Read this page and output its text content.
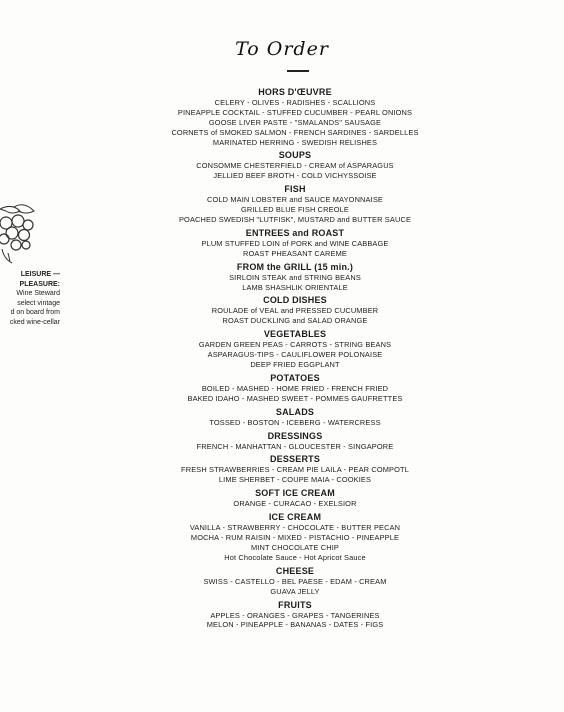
To Order
LEISURE —
PLEASURE:
Wine Steward
select vintage
d on board from
cked wine-cellar
HORS D'ŒUVRE
CELERY - OLIVES - RADISHES - SCALLIONS
PINEAPPLE COCKTAIL - STUFFED CUCUMBER - PEARL ONIONS
GOOSE LIVER PASTE - "SMALANDS" SAUSAGE
CORNETS of SMOKED SALMON - FRENCH SARDINES - SARDELLES
MARINATED HERRING - SWEDISH RELISHES
SOUPS
CONSOMME CHESTERFIELD - CREAM of ASPARAGUS
JELLIED BEEF BROTH - COLD VICHYSSOISE
FISH
COLD MAIN LOBSTER and SAUCE MAYONNAISE
GRILLED BLUE FISH CREOLE
POACHED SWEDISH "LUTFISK", MUSTARD and BUTTER SAUCE
ENTREES and ROAST
PLUM STUFFED LOIN of PORK and WINE CABBAGE
ROAST PHEASANT CAREME
FROM the GRILL (15 min.)
SIRLOIN STEAK and STRING BEANS
LAMB SHASHLIK ORIENTALE
COLD DISHES
ROULADE of VEAL and PRESSED CUCUMBER
ROAST DUCKLING and SALAD ORANGE
VEGETABLES
GARDEN GREEN PEAS - CARROTS - STRING BEANS
ASPARAGUS-TIPS - CAULIFLOWER POLONAISE
DEEP FRIED EGGPLANT
POTATOES
BOILED - MASHED - HOME FRIED - FRENCH FRIED
BAKED IDAHO - MASHED SWEET - POMMES GAUFRETTES
SALADS
TOSSED - BOSTON - ICEBERG - WATERCRESS
DRESSINGS
FRENCH - MANHATTAN - GLOUCESTER - SINGAPORE
DESSERTS
FRESH STRAWBERRIES - CREAM PIE LAILA - PEAR COMPOTL
LIME SHERBET - COUPE MAIA - COOKIES
SOFT ICE CREAM
ORANGE - CURACAO - EXELSIOR
ICE CREAM
VANILLA - STRAWBERRY - CHOCOLATE - BUTTER PECAN
MOCHA - RUM RAISIN - MIXED - PISTACHIO - PINEAPPLE
MINT CHOCOLATE CHIP
Hot Chocolate Sauce - Hot Apricot Sauce
CHEESE
SWISS - CASTELLO - BEL PAESE - EDAM - CREAM
GUAVA JELLY
FRUITS
APPLES - ORANGES - GRAPES - TANGERINES
MELON - PINEAPPLE - BANANAS - DATES - FIGS
